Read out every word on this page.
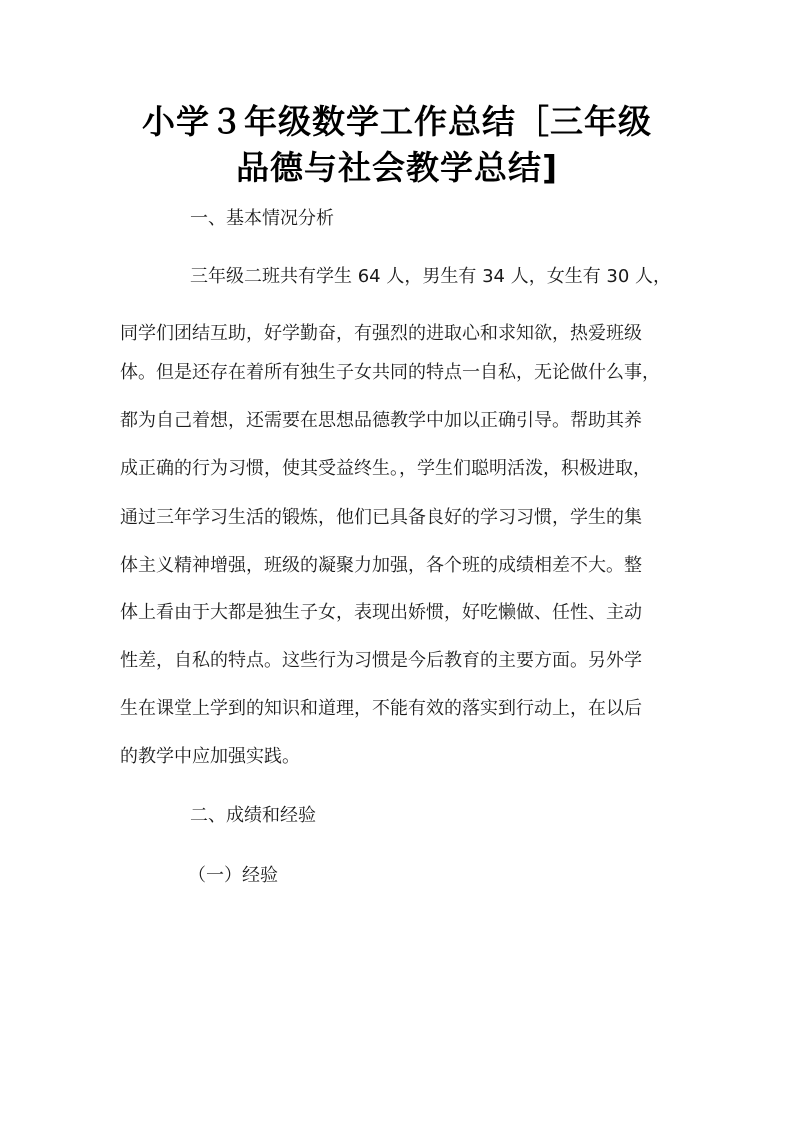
小学３年级数学工作总结［三年级
品德与社会教学总结]
一、基本情况分析
三年级二班共有学生 64 人，男生有 34 人，女生有 30 人，
同学们团结互助，好学勤奋，有强烈的进取心和求知欲，热爱班级
体。但是还存在着所有独生子女共同的特点一自私，无论做什么事，
都为自己着想，还需要在思想品德教学中加以正确引导。帮助其养
成正确的行为习惯，使其受益终生。，学生们聪明活泼，积极进取，
通过三年学习生活的锻炼，他们已具备良好的学习习惯，学生的集
体主义精神增强，班级的凝聚力加强，各个班的成绩相差不大。整
体上看由于大都是独生子女，表现出娇惯，好吃懒做、任性、主动
性差，自私的特点。这些行为习惯是今后教育的主要方面。另外学
生在课堂上学到的知识和道理，不能有效的落实到行动上，在以后
的教学中应加强实践。
二、成绩和经验
（一）经验
